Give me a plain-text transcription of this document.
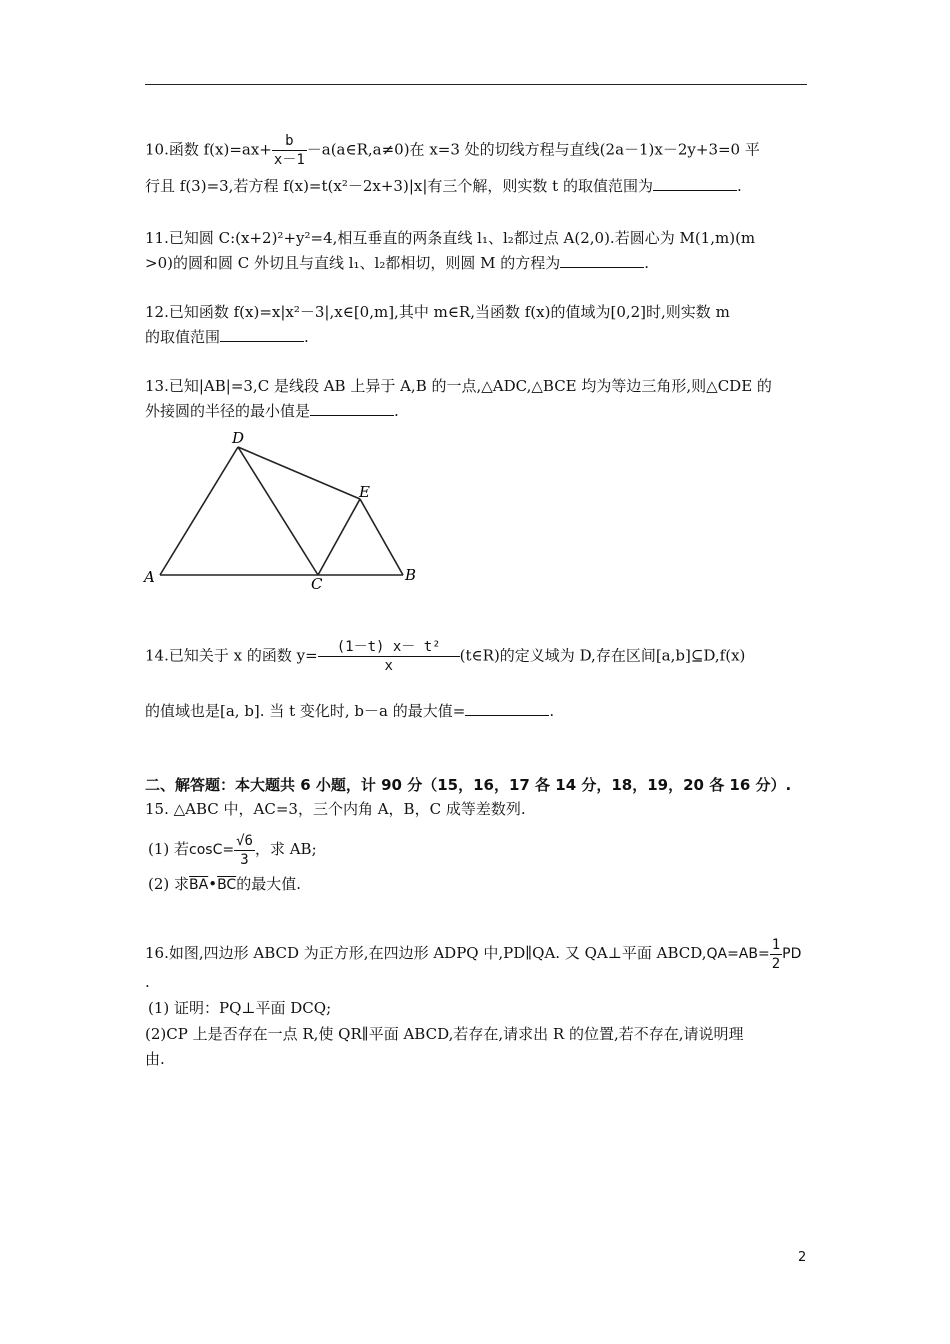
10.函数 $f(x)=ax+ \frac{b}{x-1}$ －a(a∈R,a≠0)在 x=3 处的切线方程与直线(2a－1)x－2y+3=0 平
行且 f(3)=3,若方程 f(x)=t(x²－2x+3)|x|有三个解，则实数 t 的取值范围为	.
11.已知圆 C:(x+2)²+y²=4,相互垂直的两条直线 l₁、l₂都过点 A(2,0).若圆心为 M(1,m)(m
>0)的圆和圆 C 外切且与直线 l₁、l₂都相切，则圆 M 的方程为	.
12.已知函数 f(x)=x|x²－3|,x∈[0,m],其中 m∈R,当函数 f(x)的值域为[0,2]时,则实数 m
的取值范围	.
13.已知|AB|=3,C 是线段 AB 上异于 A,B 的一点,△ADC,△BCE 均为等边三角形,则△CDE 的
外接圆的半径的最小值是	.
A
D
E
C	B
14.已知关于 x 的函数 $y= \frac{\text{(1－t) x－ t²}}{x}$ (t∈R)的定义域为 D,存在区间[a,b]⊆D,f(x)
的值域也是[a, b]. 当 t 变化时, b－a 的最大值=	.
二、解答题：本大题共 6 小题，计 90 分（15，16，17 各 14 分，18，19，20 各 16 分）.
15. △ABC 中，AC=3，三个内角 A，B，C 成等差数列.
(1) 若$\cos C= \frac{√6}{3}$ ，求 AB;
(2) 求$\overline{BA}•\overline{BC}$的最大值.
16.如图,四边形 ABCD 为正方形,在四边形 ADPQ 中,PD∥QA. 又 QA⊥平面 ABCD,QA=AB= $\frac{1}{2}$ PD
.
(1) 证明：PQ⊥平面 DCQ;
(2)CP 上是否存在一点 R,使 QR∥平面 ABCD,若存在,请求出 R 的位置,若不存在,请说明理
由.
2
